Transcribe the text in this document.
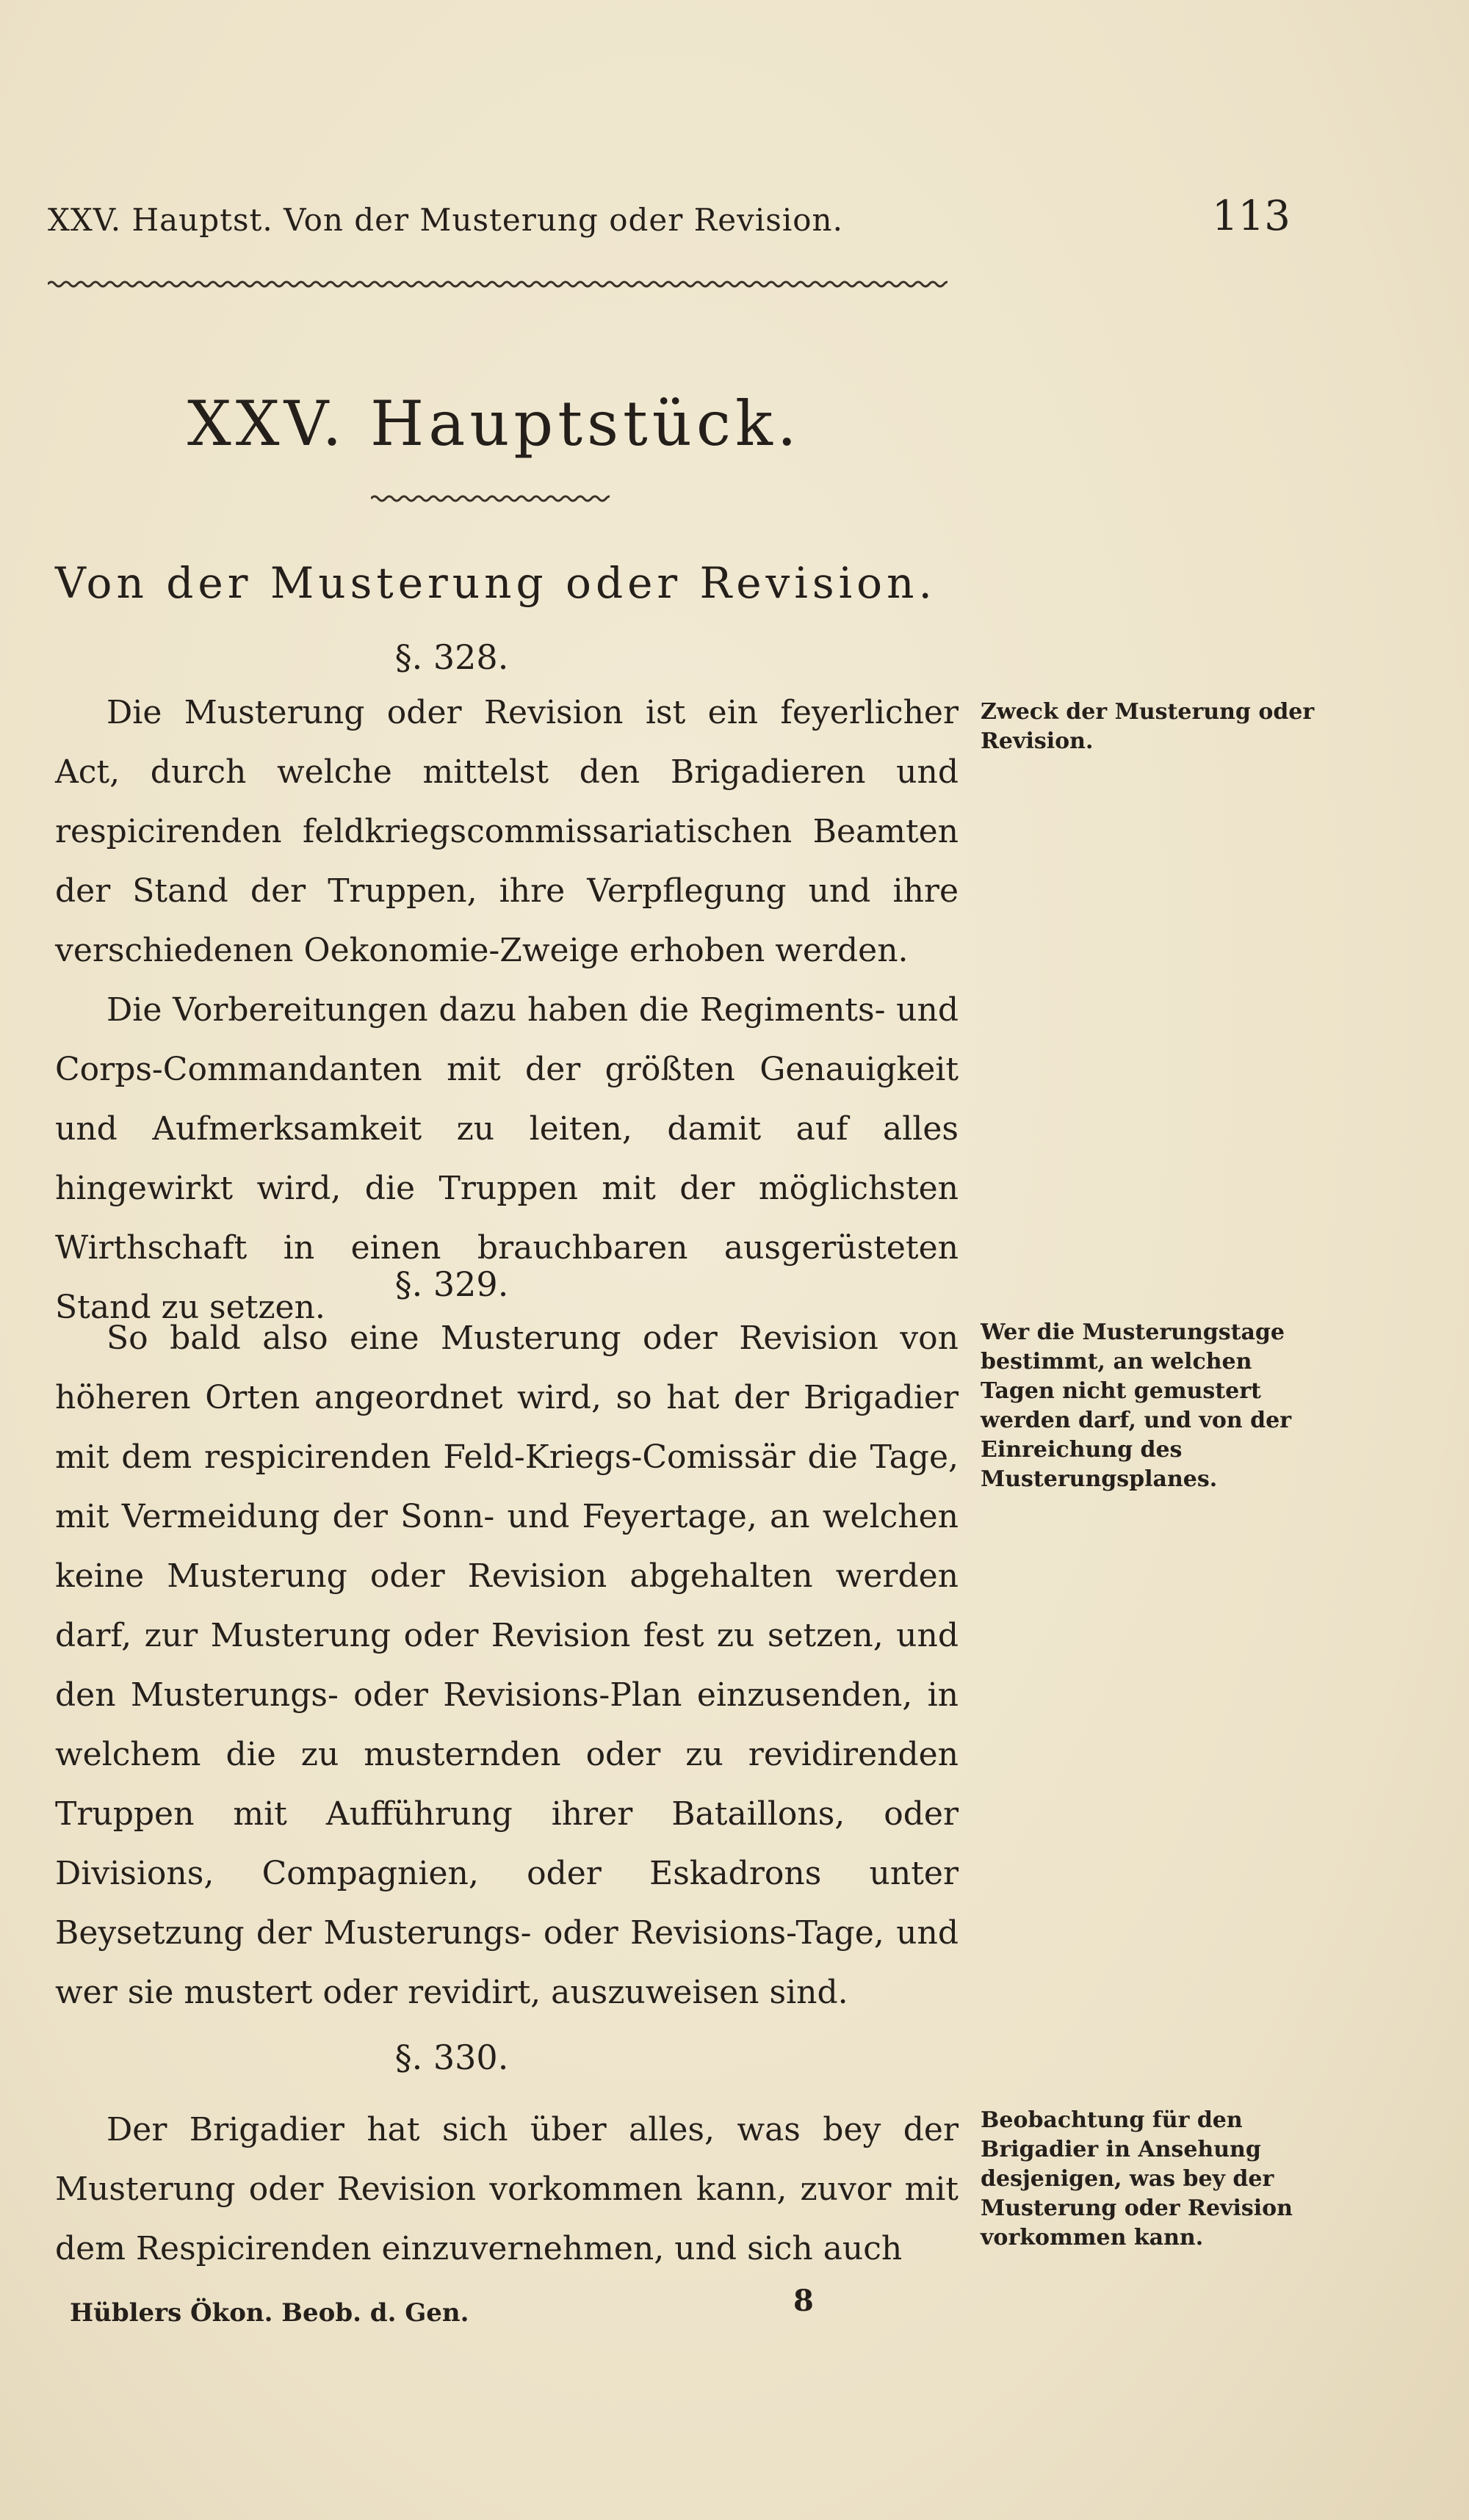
XXV. Hauptst. Von der Musterung oder Revision.	113
XXV. Hauptstück.
Von der Musterung oder Revision.
§. 328.

Die Musterung oder Revision ist ein feyerlicher Act, durch welche mittelst den Brigadieren und respicirenden feldkriegscommissariatischen Beamten der Stand der Truppen, ihre Verpflegung und ihre verschiedenen Oekonomie-Zweige erhoben werden.

Die Vorbereitungen dazu haben die Regiments- und Corps-Commandanten mit der größten Genauigkeit und Aufmerksamkeit zu leiten, damit auf alles hingewirkt wird, die Truppen mit der möglichsten Wirthschaft in einen brauchbaren ausgerüsteten Stand zu setzen.

Zweck der Musterung oder Revision.
§. 329.

So bald also eine Musterung oder Revision von höheren Orten angeordnet wird, so hat der Brigadier mit dem respicirenden Feld-Kriegs-Comissär die Tage, mit Vermeidung der Sonn- und Feyertage, an welchen keine Musterung oder Revision abgehalten werden darf, zur Musterung oder Revision fest zu setzen, und den Musterungs- oder Revisions-Plan einzusenden, in welchem die zu musternden oder zu revidirenden Truppen mit Aufführung ihrer Bataillons, oder Divisions, Compagnien, oder Eskadrons unter Beysetzung der Musterungs- oder Revisions-Tage, und wer sie mustert oder revidirt, auszuweisen sind.

Wer die Musterungstage bestimmt, an welchen Tagen nicht gemustert werden darf, und von der Einreichung des Musterungsplanes.
§. 330.

Der Brigadier hat sich über alles, was bey der Musterung oder Revision vorkommen kann, zuvor mit dem Respicirenden einzuvernehmen, und sich auch

Beobachtung für den Brigadier in Ansehung desjenigen, was bey der Musterung oder Revision vorkommen kann.
Hüblers Ökon. Beob. d. Gen.	8
